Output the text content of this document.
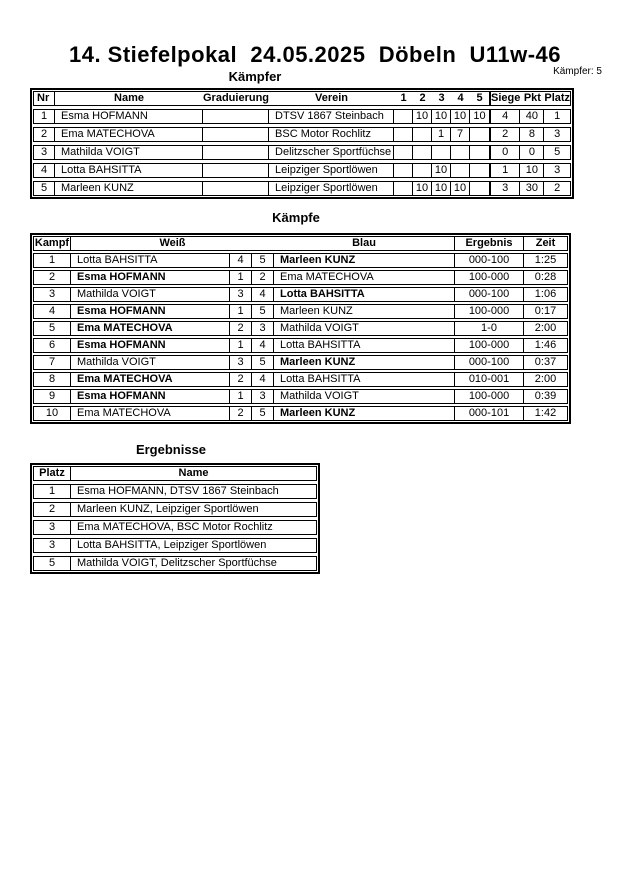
14. Stiefelpokal  24.05.2025  Döbeln  U11w-46
Kämpfer: 5
Kämpfer
Nr	Name	Graduierung	Verein	1	2	3	4	5	Siege	Pkt	Platz
1	Esma HOFMANN		DTSV 1867 Steinbach		10	10	10	10	4	40	1
2	Ema MATECHOVA		BSC Motor Rochlitz			1	7		2	8	3
3	Mathilda VOIGT		Delitzscher Sportfüchse						0	0	5
4	Lotta BAHSITTA		Leipziger Sportlöwen			10			1	10	3
5	Marleen KUNZ		Leipziger Sportlöwen		10	10	10		3	30	2
Kämpfe
Kampf	Weiß			Blau	Ergebnis	Zeit
1	Lotta BAHSITTA	4	5	Marleen KUNZ	000-100	1:25
2	Esma HOFMANN	1	2	Ema MATECHOVA	100-000	0:28
3	Mathilda VOIGT	3	4	Lotta BAHSITTA	000-100	1:06
4	Esma HOFMANN	1	5	Marleen KUNZ	100-000	0:17
5	Ema MATECHOVA	2	3	Mathilda VOIGT	1-0	2:00
6	Esma HOFMANN	1	4	Lotta BAHSITTA	100-000	1:46
7	Mathilda VOIGT	3	5	Marleen KUNZ	000-100	0:37
8	Ema MATECHOVA	2	4	Lotta BAHSITTA	010-001	2:00
9	Esma HOFMANN	1	3	Mathilda VOIGT	100-000	0:39
10	Ema MATECHOVA	2	5	Marleen KUNZ	000-101	1:42
Ergebnisse
Platz	Name
1	Esma HOFMANN, DTSV 1867 Steinbach
2	Marleen KUNZ, Leipziger Sportlöwen
3	Ema MATECHOVA, BSC Motor Rochlitz
3	Lotta BAHSITTA, Leipziger Sportlöwen
5	Mathilda VOIGT, Delitzscher Sportfüchse
